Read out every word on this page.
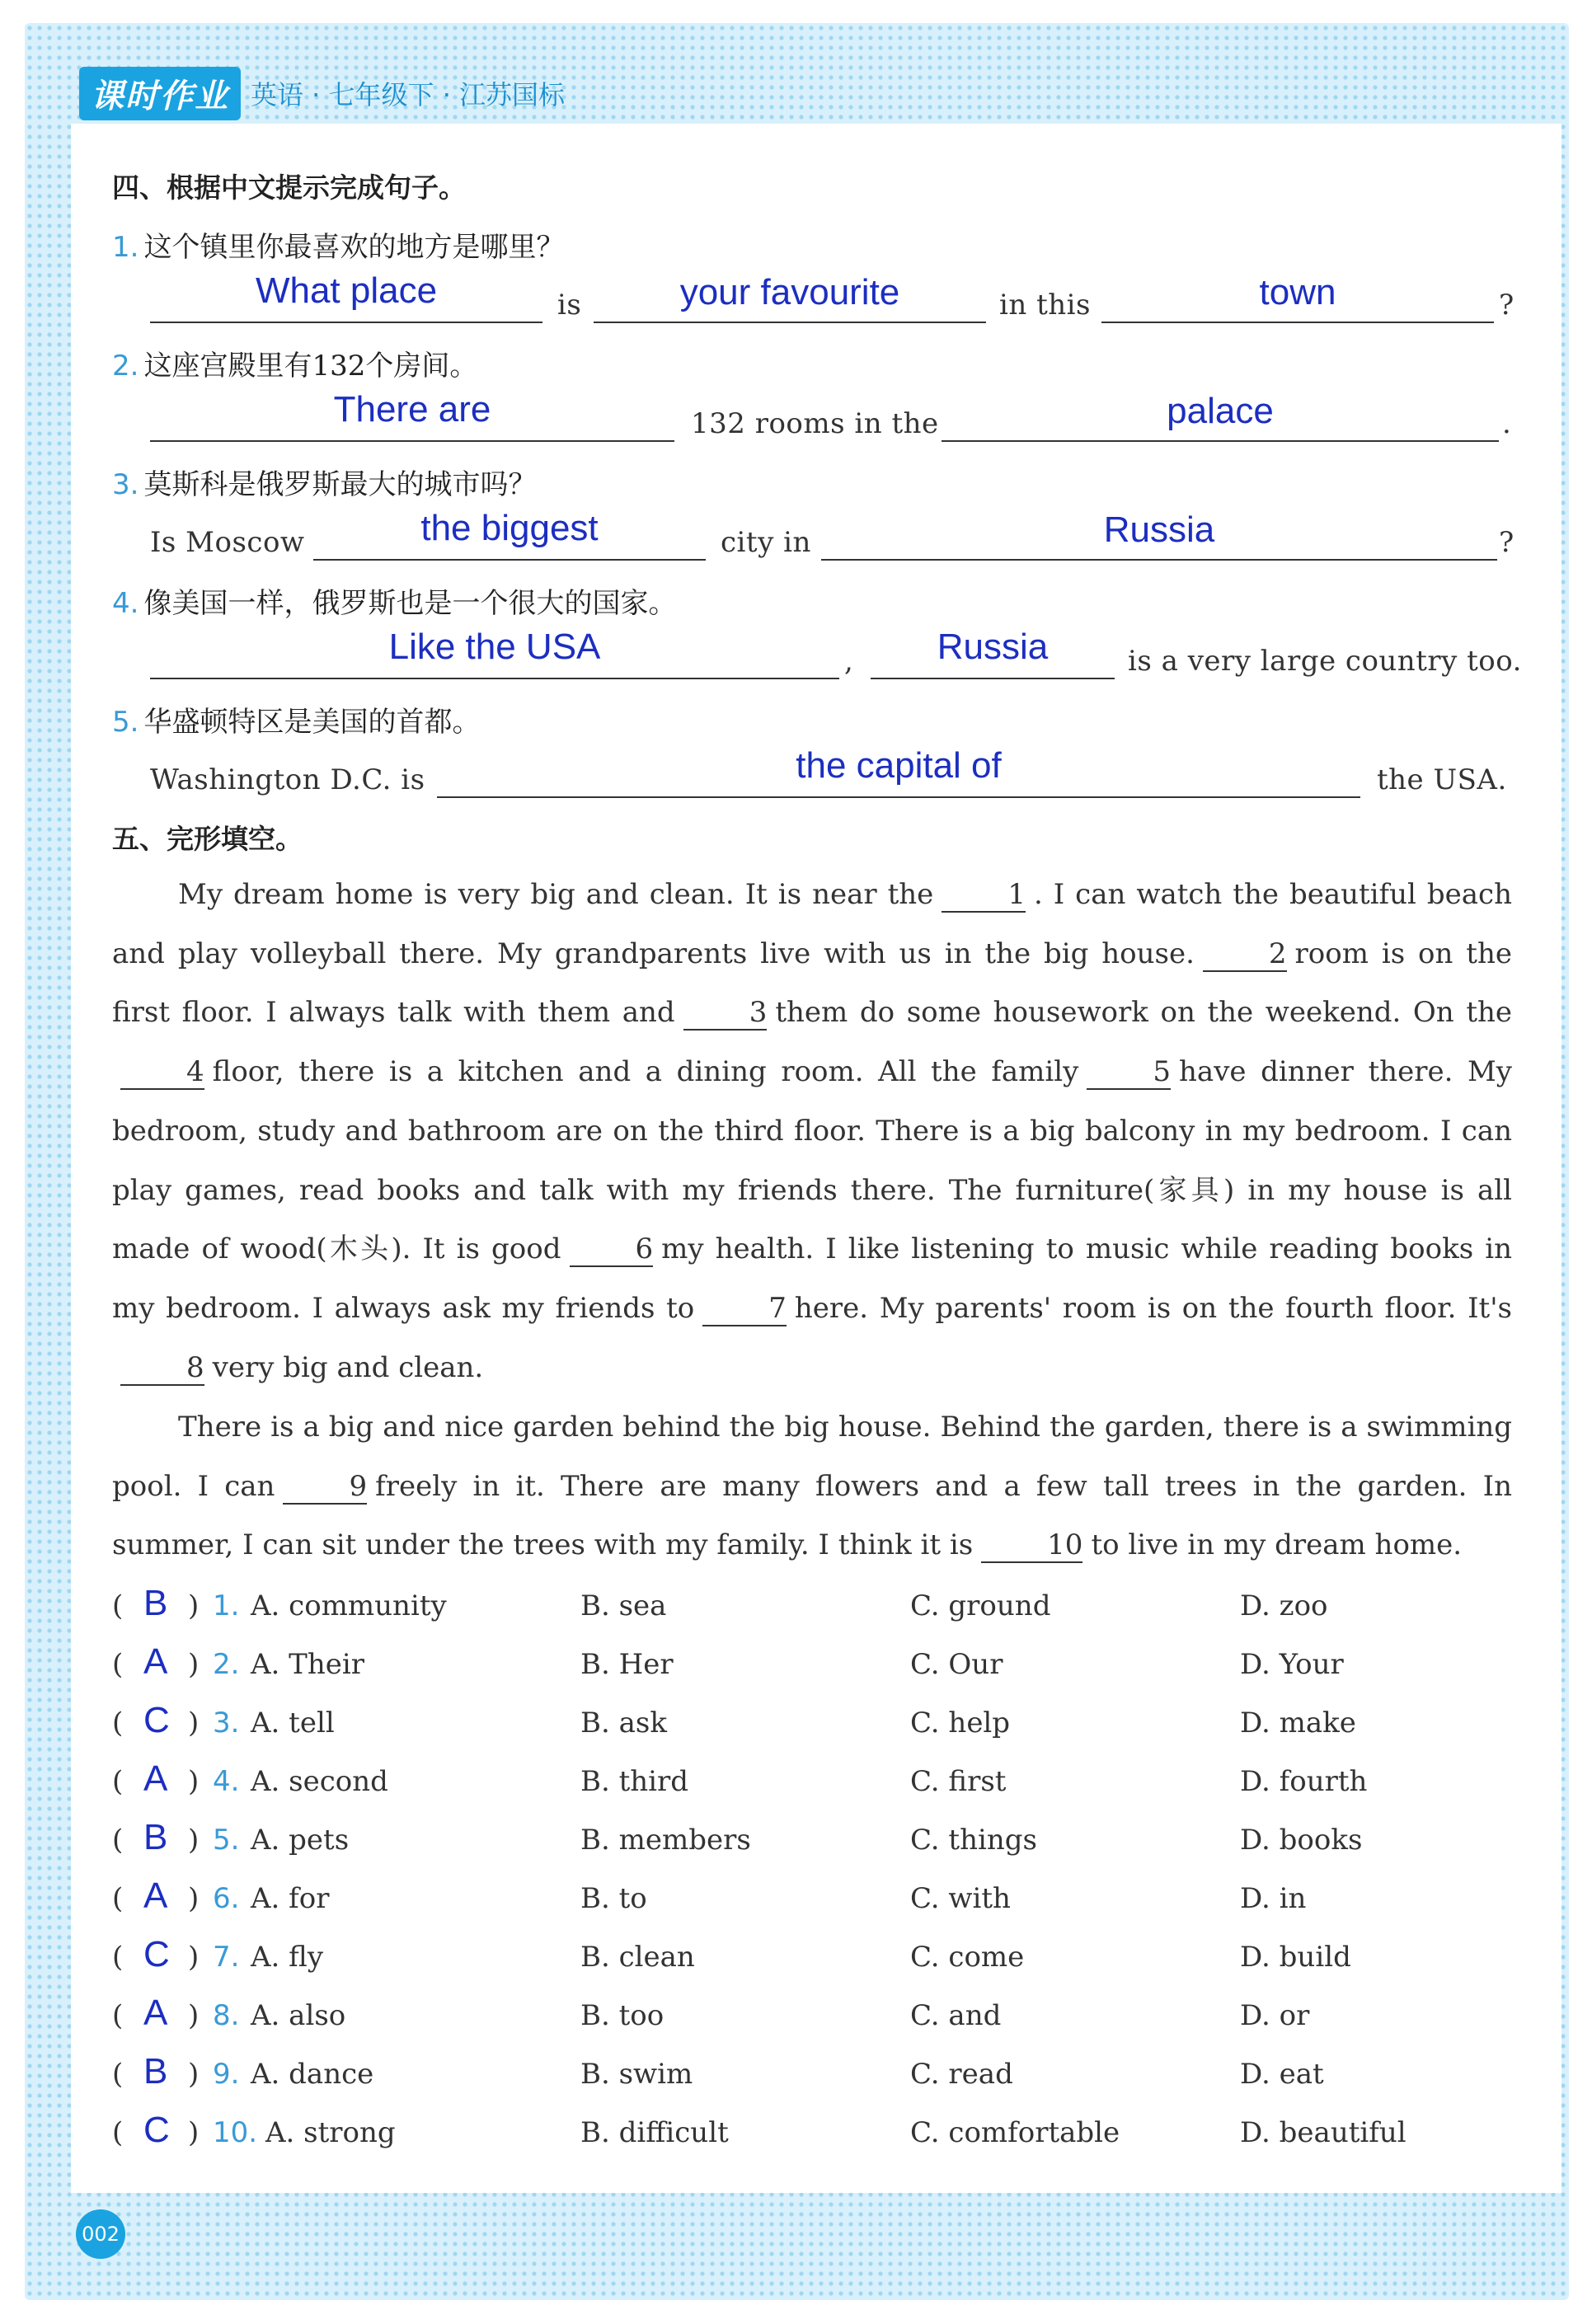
课时作业 英语 · 七年级下 · 江苏国标
四、根据中文提示完成句子。
1. 这个镇里你最喜欢的地方是哪里？
What place	is	your favourite	in this	town	?
2. 这座宫殿里有132个房间。
There are	132 rooms in the	palace	.
3. 莫斯科是俄罗斯最大的城市吗？
Is Moscow	the biggest	city in	Russia	?
4. 像美国一样，俄罗斯也是一个很大的国家。
Like the USA	,	Russia	is a very large country too.
5. 华盛顿特区是美国的首都。
Washington D.C. is	the capital of	the USA.
五、完形填空。
My dream home is very big and clean. It is near the	1 . I can watch the beautiful beach and play volleyball there. My grandparents live with us in the big house.	2 room is on the first floor. I always talk with them and	3 them do some housework on the weekend. On the4 floor, there is a kitchen and a dining room. All the family	5 have dinner there. My bedroom, study and bathroom are on the third floor. There is a big balcony in my bedroom. I can play games, read books and talk with my friends there. The furniture(家具) in my house is all made of wood(木头). It is good	6 my health. I like listening to music while reading books in my bedroom. I always ask my friends to	7 here. My parents' room is on the fourth floor. It's8 very big and clean.
There is a big and nice garden behind the big house. Behind the garden, there is a swimming pool. I can	9 freely in it. There are many flowers and a few tall trees in the garden. In summer, I can sit under the trees with my family. I think it is	10 to live in my dream home.
( B ) 1. A. community	B. sea	C. ground	D. zoo
( A ) 2. A. Their	B. Her	C. Our	D. Your
( C ) 3. A. tell	B. ask	C. help	D. make
( A ) 4. A. second	B. third	C. first	D. fourth
( B ) 5. A. pets	B. members	C. things	D. books
( A ) 6. A. for	B. to	C. with	D. in
( C ) 7. A. fly	B. clean	C. come	D. build
( A ) 8. A. also	B. too	C. and	D. or
( B ) 9. A. dance	B. swim	C. read	D. eat
( C ) 10. A. strong	B. difficult	C. comfortable	D. beautiful
002
